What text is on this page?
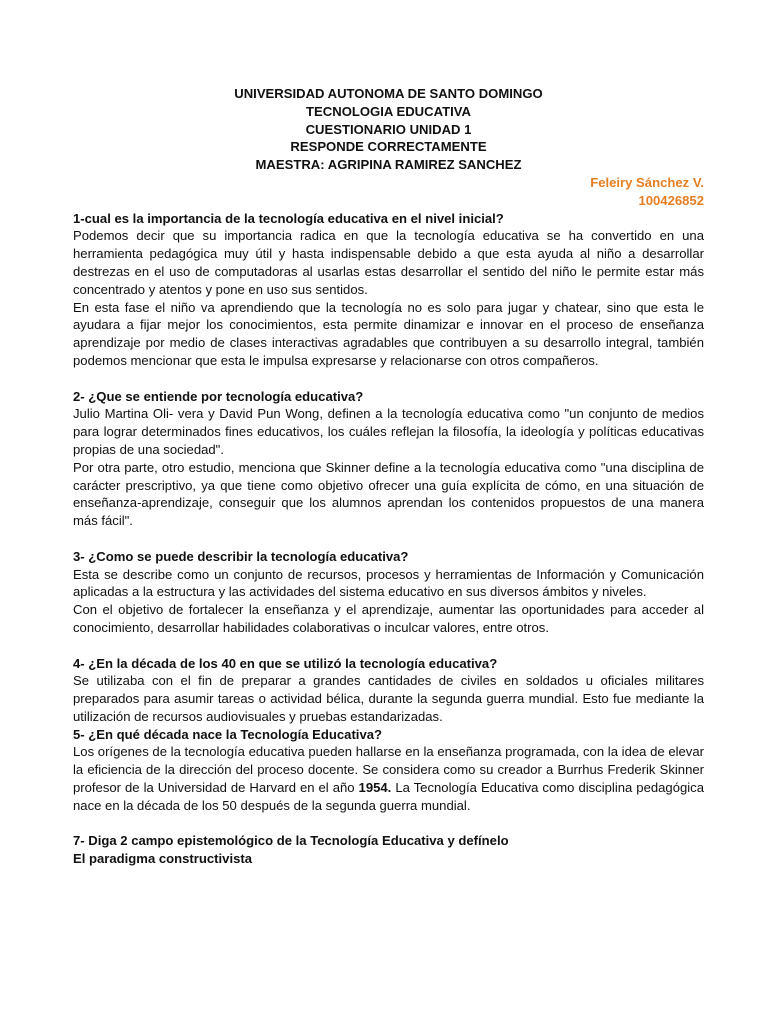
UNIVERSIDAD AUTONOMA DE SANTO DOMINGO
TECNOLOGIA EDUCATIVA
CUESTIONARIO UNIDAD 1
RESPONDE CORRECTAMENTE
MAESTRA: AGRIPINA RAMIREZ SANCHEZ
Feleiry Sánchez V.
100426852

1-cual es la importancia de la tecnología educativa en el nivel inicial?

Podemos decir que su importancia radica en que la tecnología educativa se ha convertido en una herramienta pedagógica muy útil y hasta indispensable debido a que esta ayuda al niño a desarrollar destrezas en el uso de computadoras al usarlas estas desarrollar el sentido del niño le permite estar más concentrado y atentos y pone en uso sus sentidos.

En esta fase el niño va aprendiendo que la tecnología no es solo para jugar y chatear, sino que esta le ayudara a fijar mejor los conocimientos, esta permite dinamizar e innovar en el proceso de enseñanza aprendizaje por medio de clases interactivas agradables que contribuyen a su desarrollo integral, también podemos mencionar que esta le impulsa expresarse y relacionarse con otros compañeros.

2- ¿Que se entiende por tecnología educativa?

Julio Martina Oli- vera y David Pun Wong, definen a la tecnología educativa como "un conjunto de medios para lograr determinados fines educativos, los cuáles reflejan la filosofía, la ideología y políticas educativas propias de una sociedad".

Por otra parte, otro estudio, menciona que Skinner define a la tecnología educativa como "una disciplina de carácter prescriptivo, ya que tiene como objetivo ofrecer una guía explícita de cómo, en una situación de enseñanza-aprendizaje, conseguir que los alumnos aprendan los contenidos propuestos de una manera más fácil".

3- ¿Como se puede describir la tecnología educativa?

Esta se describe como un conjunto de recursos, procesos y herramientas de Información y Comunicación aplicadas a la estructura y las actividades del sistema educativo en sus diversos ámbitos y niveles.

Con el objetivo de fortalecer la enseñanza y el aprendizaje, aumentar las oportunidades para acceder al conocimiento, desarrollar habilidades colaborativas o inculcar valores, entre otros.

4- ¿En la década de los 40 en que se utilizó la tecnología educativa?

Se utilizaba con el fin de preparar a grandes cantidades de civiles en soldados u oficiales militares preparados para asumir tareas o actividad bélica, durante la segunda guerra mundial. Esto fue mediante la utilización de recursos audiovisuales y pruebas estandarizadas.

5- ¿En qué década nace la Tecnología Educativa?

Los orígenes de la tecnología educativa pueden hallarse en la enseñanza programada, con la idea de elevar la eficiencia de la dirección del proceso docente. Se considera como su creador a Burrhus Frederik Skinner profesor de la Universidad de Harvard en el año 1954. La Tecnología Educativa como disciplina pedagógica nace en la década de los 50 después de la segunda guerra mundial.

7- Diga 2 campo epistemológico de la Tecnología Educativa y defínelo

El paradigma constructivista
